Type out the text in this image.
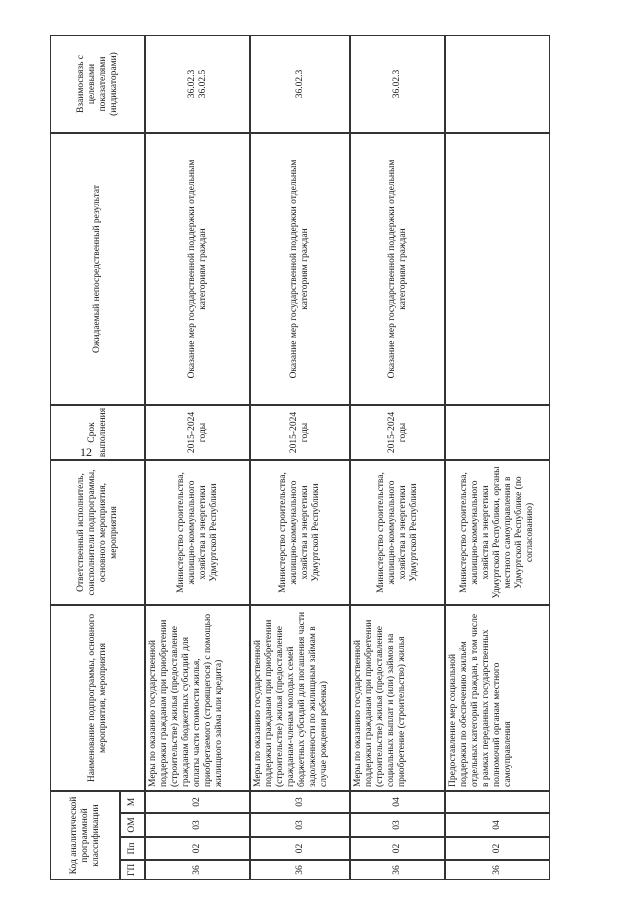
12
Код аналитической программной классификации
ГП
Пп
ОМ
М
Наименование подпрограммы, основного мероприятия, мероприятия
Ответственный исполнитель, соисполнители подпрограммы, основного мероприятия, мероприятия
Срок выполнения
Ожидаемый непосредственный результат
Взаимосвязь с целевыми показателями (индикаторами)
36
02
03
02
Меры по оказанию государственной поддержки гражданам при приобретении (строительстве) жилья (предоставление гражданам бюджетных субсидий для оплаты части стоимости жилья, приобретаемого (строящегося) с помощью жилищного займа или кредита)
Министерство строительства, жилищно-коммунального хозяйства и энергетики Удмуртской Республики
2015-2024 годы
Оказание мер государственной поддержки отдельным категориям граждан
36.02.3
36.02.5
36
02
03
03
Меры по оказанию государственной поддержки гражданам при приобретении (строительстве) жилья (предоставление гражданам-членам молодых семей бюджетных субсидий для погашения части задолженности по жилищным займам в случае рождения ребенка)
Министерство строительства, жилищно-коммунального хозяйства и энергетики Удмуртской Республики
2015-2024 годы
Оказание мер государственной поддержки отдельным категориям граждан
36.02.3
36
02
03
04
Меры по оказанию государственной поддержки гражданам при приобретении (строительстве) жилья (предоставление социальных выплат и (или) займов на приобретение (строительство) жилья
Министерство строительства, жилищно-коммунального хозяйства и энергетики Удмуртской Республики
2015-2024 годы
Оказание мер государственной поддержки отдельным категориям граждан
36.02.3
36
02
04
Предоставление мер социальной поддержки по обеспечению жильём отдельных категорий граждан, в том числе в рамках переданных государственных полномочий органам местного самоуправления
Министерство строительства, жилищно-коммунального хозяйства и энергетики Удмуртской Республики, органы местного самоуправления в Удмуртской Республике (по согласованию)
